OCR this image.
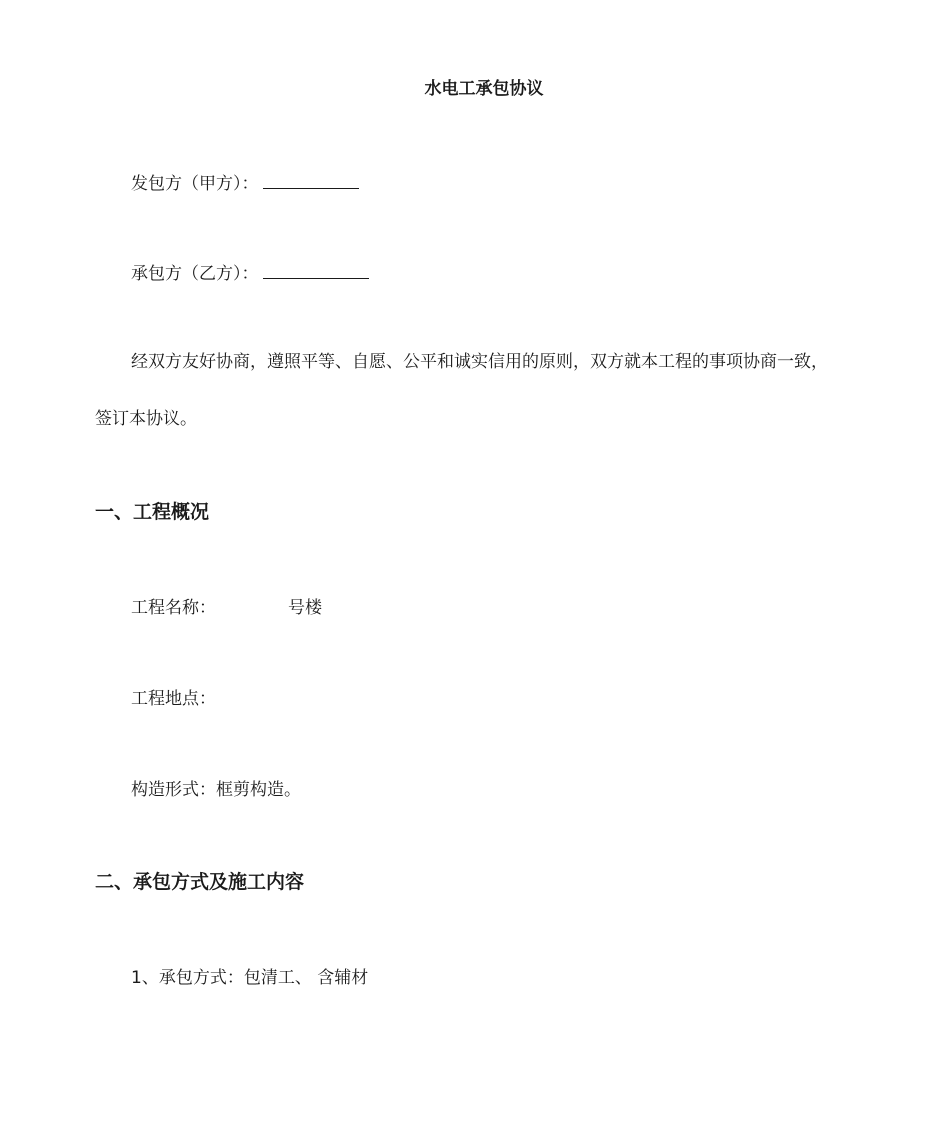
水电工承包协议
发包方（甲方）：
承包方（乙方）：
经双方友好协商，遵照平等、自愿、公平和诚实信用的原则，双方就本工程的事项协商一致，
签订本协议。
一、工程概况
工程名称：	号楼
工程地点：
构造形式：框剪构造。
二、承包方式及施工内容
1、承包方式：包清工、 含辅材
